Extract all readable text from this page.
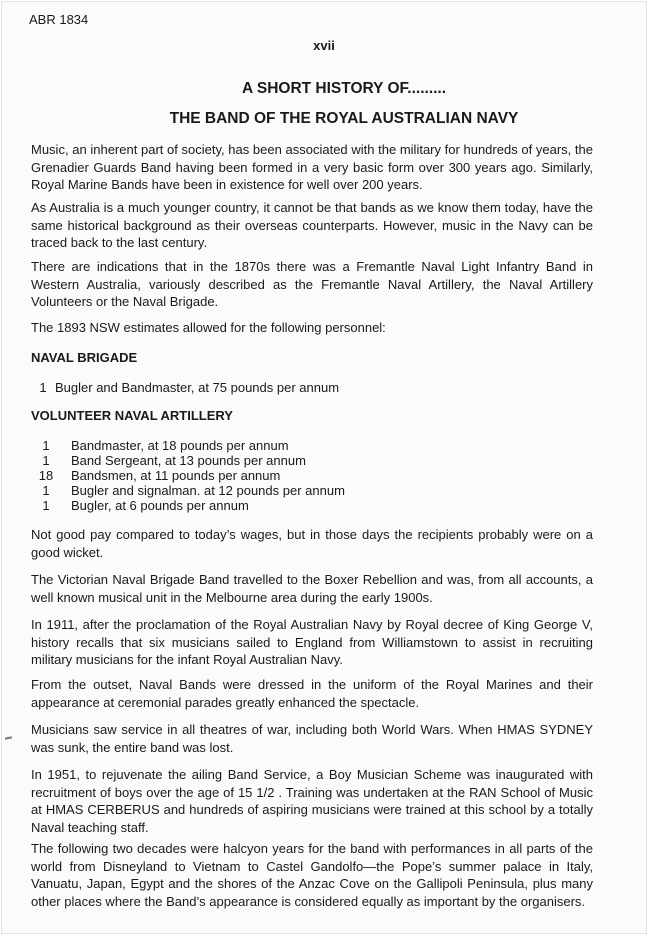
ABR 1834
xvii
A SHORT HISTORY OF.........
THE BAND OF THE ROYAL AUSTRALIAN NAVY

Music, an inherent part of society, has been associated with the military for hundreds of years, the Grenadier Guards Band having been formed in a very basic form over 300 years ago. Similarly, Royal Marine Bands have been in existence for well over 200 years.

As Australia is a much younger country, it cannot be that bands as we know them today, have the same historical background as their overseas counterparts. However, music in the Navy can be traced back to the last century.

There are indications that in the 1870s there was a Fremantle Naval Light Infantry Band in Western Australia, variously described as the Fremantle Naval Artillery, the Naval Artillery Volunteers or the Naval Brigade.

The 1893 NSW estimates allowed for the following personnel:

NAVAL BRIGADE
1 Bugler and Bandmaster, at 75 pounds per annum
VOLUNTEER NAVAL ARTILLERY
1	Bandmaster, at 18 pounds per annum
1	Band Sergeant, at 13 pounds per annum
18	Bandsmen, at 11 pounds per annum
1	Bugler and signalman. at 12 pounds per annum
1	Bugler, at 6 pounds per annum

Not good pay compared to today’s wages, but in those days the recipients probably were on a good wicket.

The Victorian Naval Brigade Band travelled to the Boxer Rebellion and was, from all accounts, a well known musical unit in the Melbourne area during the early 1900s.

In 1911, after the proclamation of the Royal Australian Navy by Royal decree of King George V, history recalls that six musicians sailed to England from Williamstown to assist in recruiting military musicians for the infant Royal Australian Navy.

From the outset, Naval Bands were dressed in the uniform of the Royal Marines and their appearance at ceremonial parades greatly enhanced the spectacle.

Musicians saw service in all theatres of war, including both World Wars. When HMAS SYDNEY was sunk, the entire band was lost.

In 1951, to rejuvenate the ailing Band Service, a Boy Musician Scheme was inaugurated with recruitment of boys over the age of 15 1/2 . Training was undertaken at the RAN School of Music at HMAS CERBERUS and hundreds of aspiring musicians were trained at this school by a totally Naval teaching staff.

The following two decades were halcyon years for the band with performances in all parts of the world from Disneyland to Vietnam to Castel Gandolfo—the Pope’s summer palace in Italy, Vanuatu, Japan, Egypt and the shores of the Anzac Cove on the Gallipoli Peninsula, plus many other places where the Band’s appearance is considered equally as important by the organisers.
